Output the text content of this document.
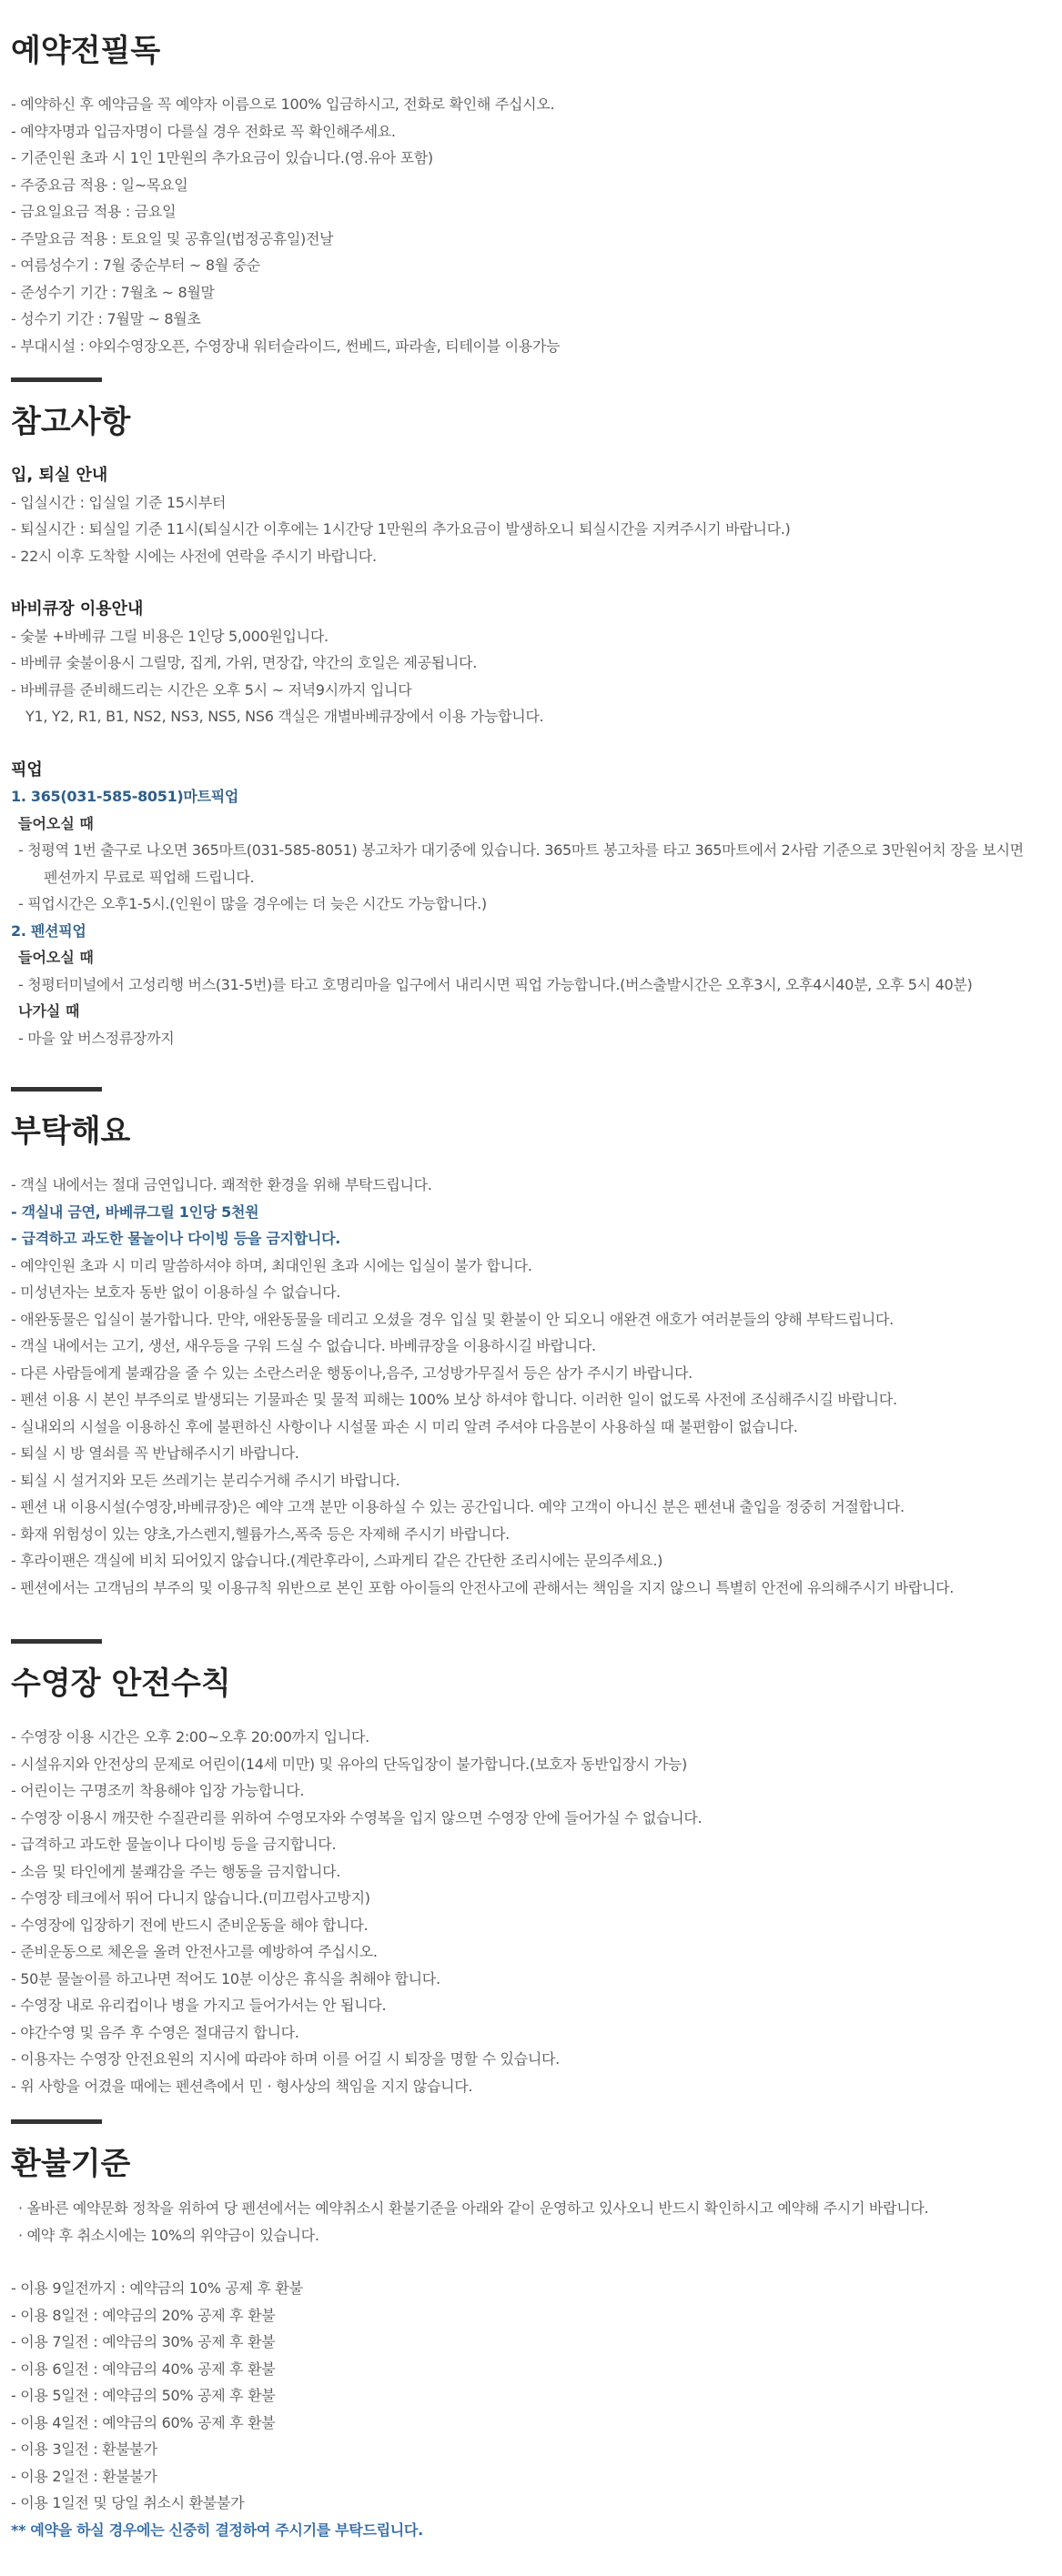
예약전필독
- 예약하신 후 예약금을 꼭 예약자 이름으로 100% 입금하시고, 전화로 확인해 주십시오.
- 예약자명과 입금자명이 다를실 경우 전화로 꼭 확인해주세요.
- 기준인원 초과 시 1인 1만원의 추가요금이 있습니다.(영.유아 포함)
- 주중요금 적용 : 일~목요일
- 금요일요금 적용 : 금요일
- 주말요금 적용 : 토요일 및 공휴일(법정공휴일)전날
- 여름성수기 : 7월 중순부터 ~ 8월 중순
- 준성수기 기간 : 7월초 ~ 8월말
- 성수기 기간 : 7월말 ~ 8월초
- 부대시설 : 야외수영장오픈, 수영장내 워터슬라이드, 썬베드, 파라솔, 티테이블 이용가능
참고사항
입, 퇴실 안내
- 입실시간 : 입실일 기준 15시부터
- 퇴실시간 : 퇴실일 기준 11시(퇴실시간 이후에는 1시간당 1만원의 추가요금이 발생하오니 퇴실시간을 지켜주시기 바랍니다.)
- 22시 이후 도착할 시에는 사전에 연락을 주시기 바랍니다.
바비큐장 이용안내
- 숯불 +바베큐 그릴 비용은 1인당 5,000원입니다.
- 바베큐 숯불이용시 그릴망, 집게, 가위, 면장갑, 약간의 호일은 제공됩니다.
- 바베큐를 준비해드리는 시간은 오후 5시 ~ 저녁9시까지 입니다
Y1, Y2, R1, B1, NS2, NS3, NS5, NS6 객실은 개별바베큐장에서 이용 가능합니다.
픽업
1. 365(031-585-8051)마트픽업
들어오실 때
- 청평역 1번 출구로 나오면 365마트(031-585-8051) 봉고차가 대기중에 있습니다. 365마트 봉고차를 타고 365마트에서 2사람 기준으로 3만원어치 장을 보시면
펜션까지 무료로 픽업해 드립니다.
- 픽업시간은 오후1-5시.(인원이 많을 경우에는 더 늦은 시간도 가능합니다.)
2. 펜션픽업
들어오실 때
- 청평터미널에서 고성리행 버스(31-5번)를 타고 호명리마을 입구에서 내리시면 픽업 가능합니다.(버스출발시간은 오후3시, 오후4시40분, 오후 5시 40분)
나가실 때
- 마을 앞 버스정류장까지
부탁해요
- 객실 내에서는 절대 금연입니다. 쾌적한 환경을 위해 부탁드립니다.
- 객실내 금연, 바베큐그릴 1인당 5천원
- 급격하고 과도한 물놀이나 다이빙 등을 금지합니다.
- 예약인원 초과 시 미리 말씀하셔야 하며, 최대인원 초과 시에는 입실이 불가 합니다.
- 미성년자는 보호자 동반 없이 이용하실 수 없습니다.
- 애완동물은 입실이 불가합니다. 만약, 애완동물을 데리고 오셨을 경우 입실 및 환불이 안 되오니 애완견 애호가 여러분들의 양해 부탁드립니다.
- 객실 내에서는 고기, 생선, 새우등을 구워 드실 수 없습니다. 바베큐장을 이용하시길 바랍니다.
- 다른 사람들에게 불쾌감을 줄 수 있는 소란스러운 행동이나,음주, 고성방가무질서 등은 삼가 주시기 바랍니다.
- 펜션 이용 시 본인 부주의로 발생되는 기물파손 및 물적 피해는 100% 보상 하셔야 합니다. 이러한 일이 없도록 사전에 조심해주시길 바랍니다.
- 실내외의 시설을 이용하신 후에 불편하신 사항이나 시설물 파손 시 미리 알려 주셔야 다음분이 사용하실 때 불편함이 없습니다.
- 퇴실 시 방 열쇠를 꼭 반납해주시기 바랍니다.
- 퇴실 시 설거지와 모든 쓰레기는 분리수거해 주시기 바랍니다.
- 펜션 내 이용시설(수영장,바베큐장)은 예약 고객 분만 이용하실 수 있는 공간입니다. 예약 고객이 아니신 분은 펜션내 출입을 정중히 거절합니다.
- 화재 위험성이 있는 양초,가스렌지,헬륨가스,폭죽 등은 자제해 주시기 바랍니다.
- 후라이팬은 객실에 비치 되어있지 않습니다.(계란후라이, 스파게티 같은 간단한 조리시에는 문의주세요.)
- 펜션에서는 고객님의 부주의 및 이용규칙 위반으로 본인 포함 아이들의 안전사고에 관해서는 책임을 지지 않으니 특별히 안전에 유의해주시기 바랍니다.
수영장 안전수칙
- 수영장 이용 시간은 오후 2:00~오후 20:00까지 입니다.
- 시설유지와 안전상의 문제로 어린이(14세 미만) 및 유아의 단독입장이 불가합니다.(보호자 동반입장시 가능)
- 어린이는 구명조끼 착용해야 입장 가능합니다.
- 수영장 이용시 깨끗한 수질관리를 위하여 수영모자와 수영복을 입지 않으면 수영장 안에 들어가실 수 없습니다.
- 급격하고 과도한 물놀이나 다이빙 등을 금지합니다.
- 소음 및 타인에게 불쾌감을 주는 행동을 금지합니다.
- 수영장 테크에서 뛰어 다니지 않습니다.(미끄럼사고방지)
- 수영장에 입장하기 전에 반드시 준비운동을 해야 합니다.
- 준비운동으로 체온을 올려 안전사고를 예방하여 주십시오.
- 50분 물놀이를 하고나면 적어도 10분 이상은 휴식을 취해야 합니다.
- 수영장 내로 유리컵이나 병을 가지고 들어가서는 안 됩니다.
- 야간수영 및 음주 후 수영은 절대금지 합니다.
- 이용자는 수영장 안전요원의 지시에 따라야 하며 이를 어길 시 퇴장을 명할 수 있습니다.
- 위 사항을 어겼을 때에는 펜션측에서 민 · 형사상의 책임을 지지 않습니다.
환불기준
· 올바른 예약문화 정착을 위하여 당 펜션에서는 예약취소시 환불기준을 아래와 같이 운영하고 있사오니 반드시 확인하시고 예약해 주시기 바랍니다.
· 예약 후 취소시에는 10%의 위약금이 있습니다.
- 이용 9일전까지 : 예약금의 10% 공제 후 환불
- 이용 8일전 : 예약금의 20% 공제 후 환불
- 이용 7일전 : 예약금의 30% 공제 후 환불
- 이용 6일전 : 예약금의 40% 공제 후 환불
- 이용 5일전 : 예약금의 50% 공제 후 환불
- 이용 4일전 : 예약금의 60% 공제 후 환불
- 이용 3일전 : 환불불가
- 이용 2일전 : 환불불가
- 이용 1일전 및 당일 취소시 환불불가
** 예약을 하실 경우에는 신중히 결정하여 주시기를 부탁드립니다.
